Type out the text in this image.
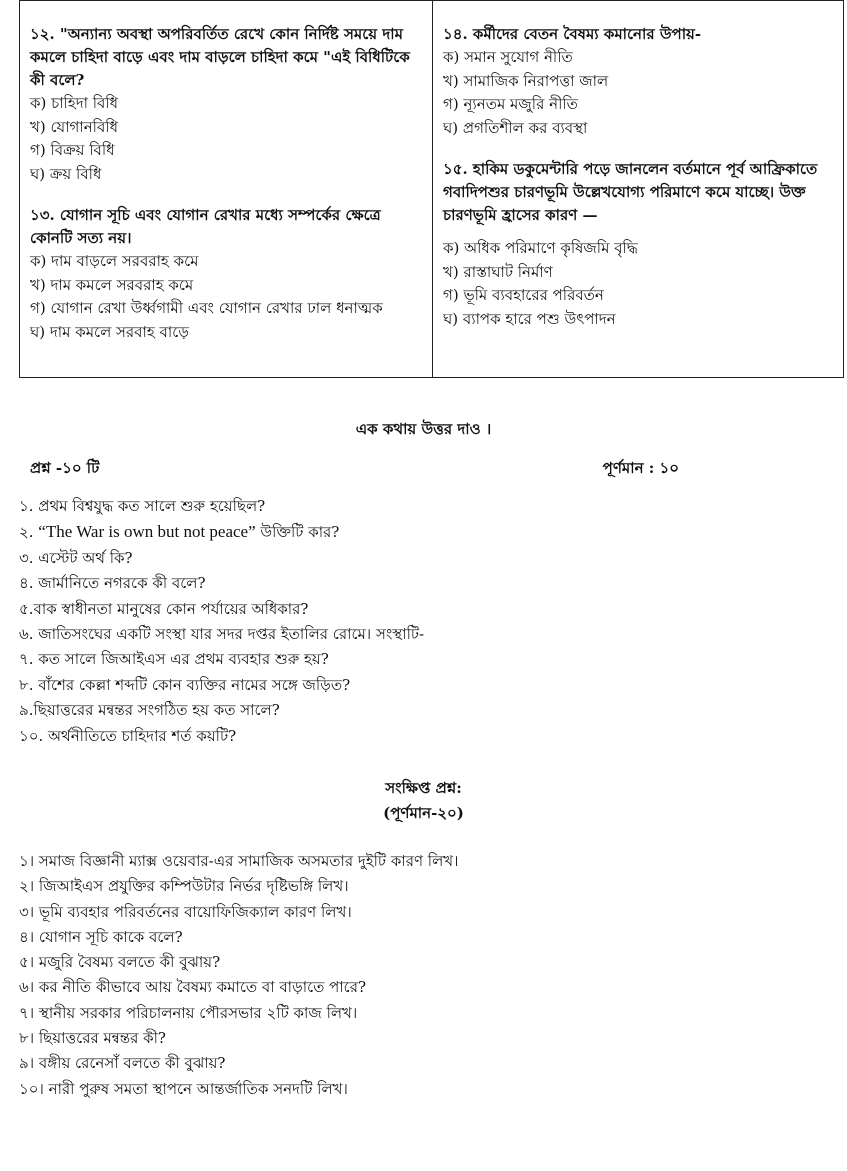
১২. "অন্যান্য অবস্থা অপরিবর্তিত রেখে কোন নির্দিষ্ট সময়ে দাম কমলে চাহিদা বাড়ে এবং দাম বাড়লে চাহিদা কমে "এই বিধিটিকে কী বলে?
ক) চাহিদা বিধি
খ) যোগানবিধি
গ) বিক্রয় বিধি
ঘ) ক্রয় বিধি
১৩. যোগান সূচি এবং যোগান রেখার মধ্যে সম্পর্কের ক্ষেত্রে কোনটি সত্য নয়।
ক) দাম বাড়লে সরবরাহ কমে
খ) দাম কমলে সরবরাহ কমে
গ) যোগান রেখা উর্ধ্বগামী এবং যোগান রেখার ঢাল ধনাত্মক
ঘ) দাম কমলে সরবাহ বাড়ে
১৪. কর্মীদের বেতন বৈষম্য কমানোর উপায়-
ক) সমান সুযোগ নীতি
খ) সামাজিক নিরাপত্তা জাল
গ) ন্যূনতম মজুরি নীতি
ঘ) প্রগতিশীল কর ব্যবস্থা
১৫. হাকিম ডকুমেন্টারি পড়ে জানলেন বর্তমানে পূর্ব আফ্রিকাতে গবাদিপশুর চারণভূমি উল্লেখযোগ্য পরিমাণে কমে যাচ্ছে। উক্ত চারণভূমি হ্রাসের কারণ —
ক) অধিক পরিমাণে কৃষিজমি বৃদ্ধি
খ) রাস্তাঘাট নির্মাণ
গ) ভূমি ব্যবহারের পরিবর্তন
ঘ) ব্যাপক হারে পশু উৎপাদন
এক কথায় উত্তর দাও ।
প্রশ্ন -১০ টি	পূর্ণমান : ১০
১. প্রথম বিশ্বযুদ্ধ কত সালে শুরু হয়েছিল?
২. “The War is own but not peace” উক্তিটি কার?
৩. এস্টেট অর্থ কি?
৪. জার্মানিতে নগরকে কী বলে?
৫.বাক স্বাধীনতা মানুষের কোন পর্যায়ের অধিকার?
৬. জাতিসংঘের একটি সংস্থা যার সদর দপ্তর ইতালির রোমে। সংস্থাটি-
৭. কত সালে জিআইএস এর প্রথম ব্যবহার শুরু হয়?
৮. বাঁশের কেল্লা শব্দটি কোন ব্যক্তির নামের সঙ্গে জড়িত?
৯.ছিয়াত্তরের মন্বন্তর সংগঠিত হয় কত সালে?
১০. অর্থনীতিতে চাহিদার শর্ত কয়টি?
সংক্ষিপ্ত প্রশ্ন:
(পূর্ণমান-২০)
১। সমাজ বিজ্ঞানী ম্যাক্স ওয়েবার-এর সামাজিক অসমতার দুইটি কারণ লিখ।
২। জিআইএস প্রযুক্তির কম্পিউটার নির্ভর দৃষ্টিভঙ্গি লিখ।
৩। ভূমি ব্যবহার পরিবর্তনের বায়োফিজিক্যাল কারণ লিখ।
৪। যোগান সূচি কাকে বলে?
৫। মজুরি বৈষম্য বলতে কী বুঝায়?
৬। কর নীতি কীভাবে আয় বৈষম্য কমাতে বা বাড়াতে পারে?
৭। স্থানীয় সরকার পরিচালনায় পৌরসভার ২টি কাজ লিখ।
৮। ছিয়াত্তরের মন্বন্তর কী?
৯। বঙ্গীয় রেনেসাঁ বলতে কী বুঝায়?
১০। নারী পুরুষ সমতা স্থাপনে আন্তর্জাতিক সনদটি লিখ।
